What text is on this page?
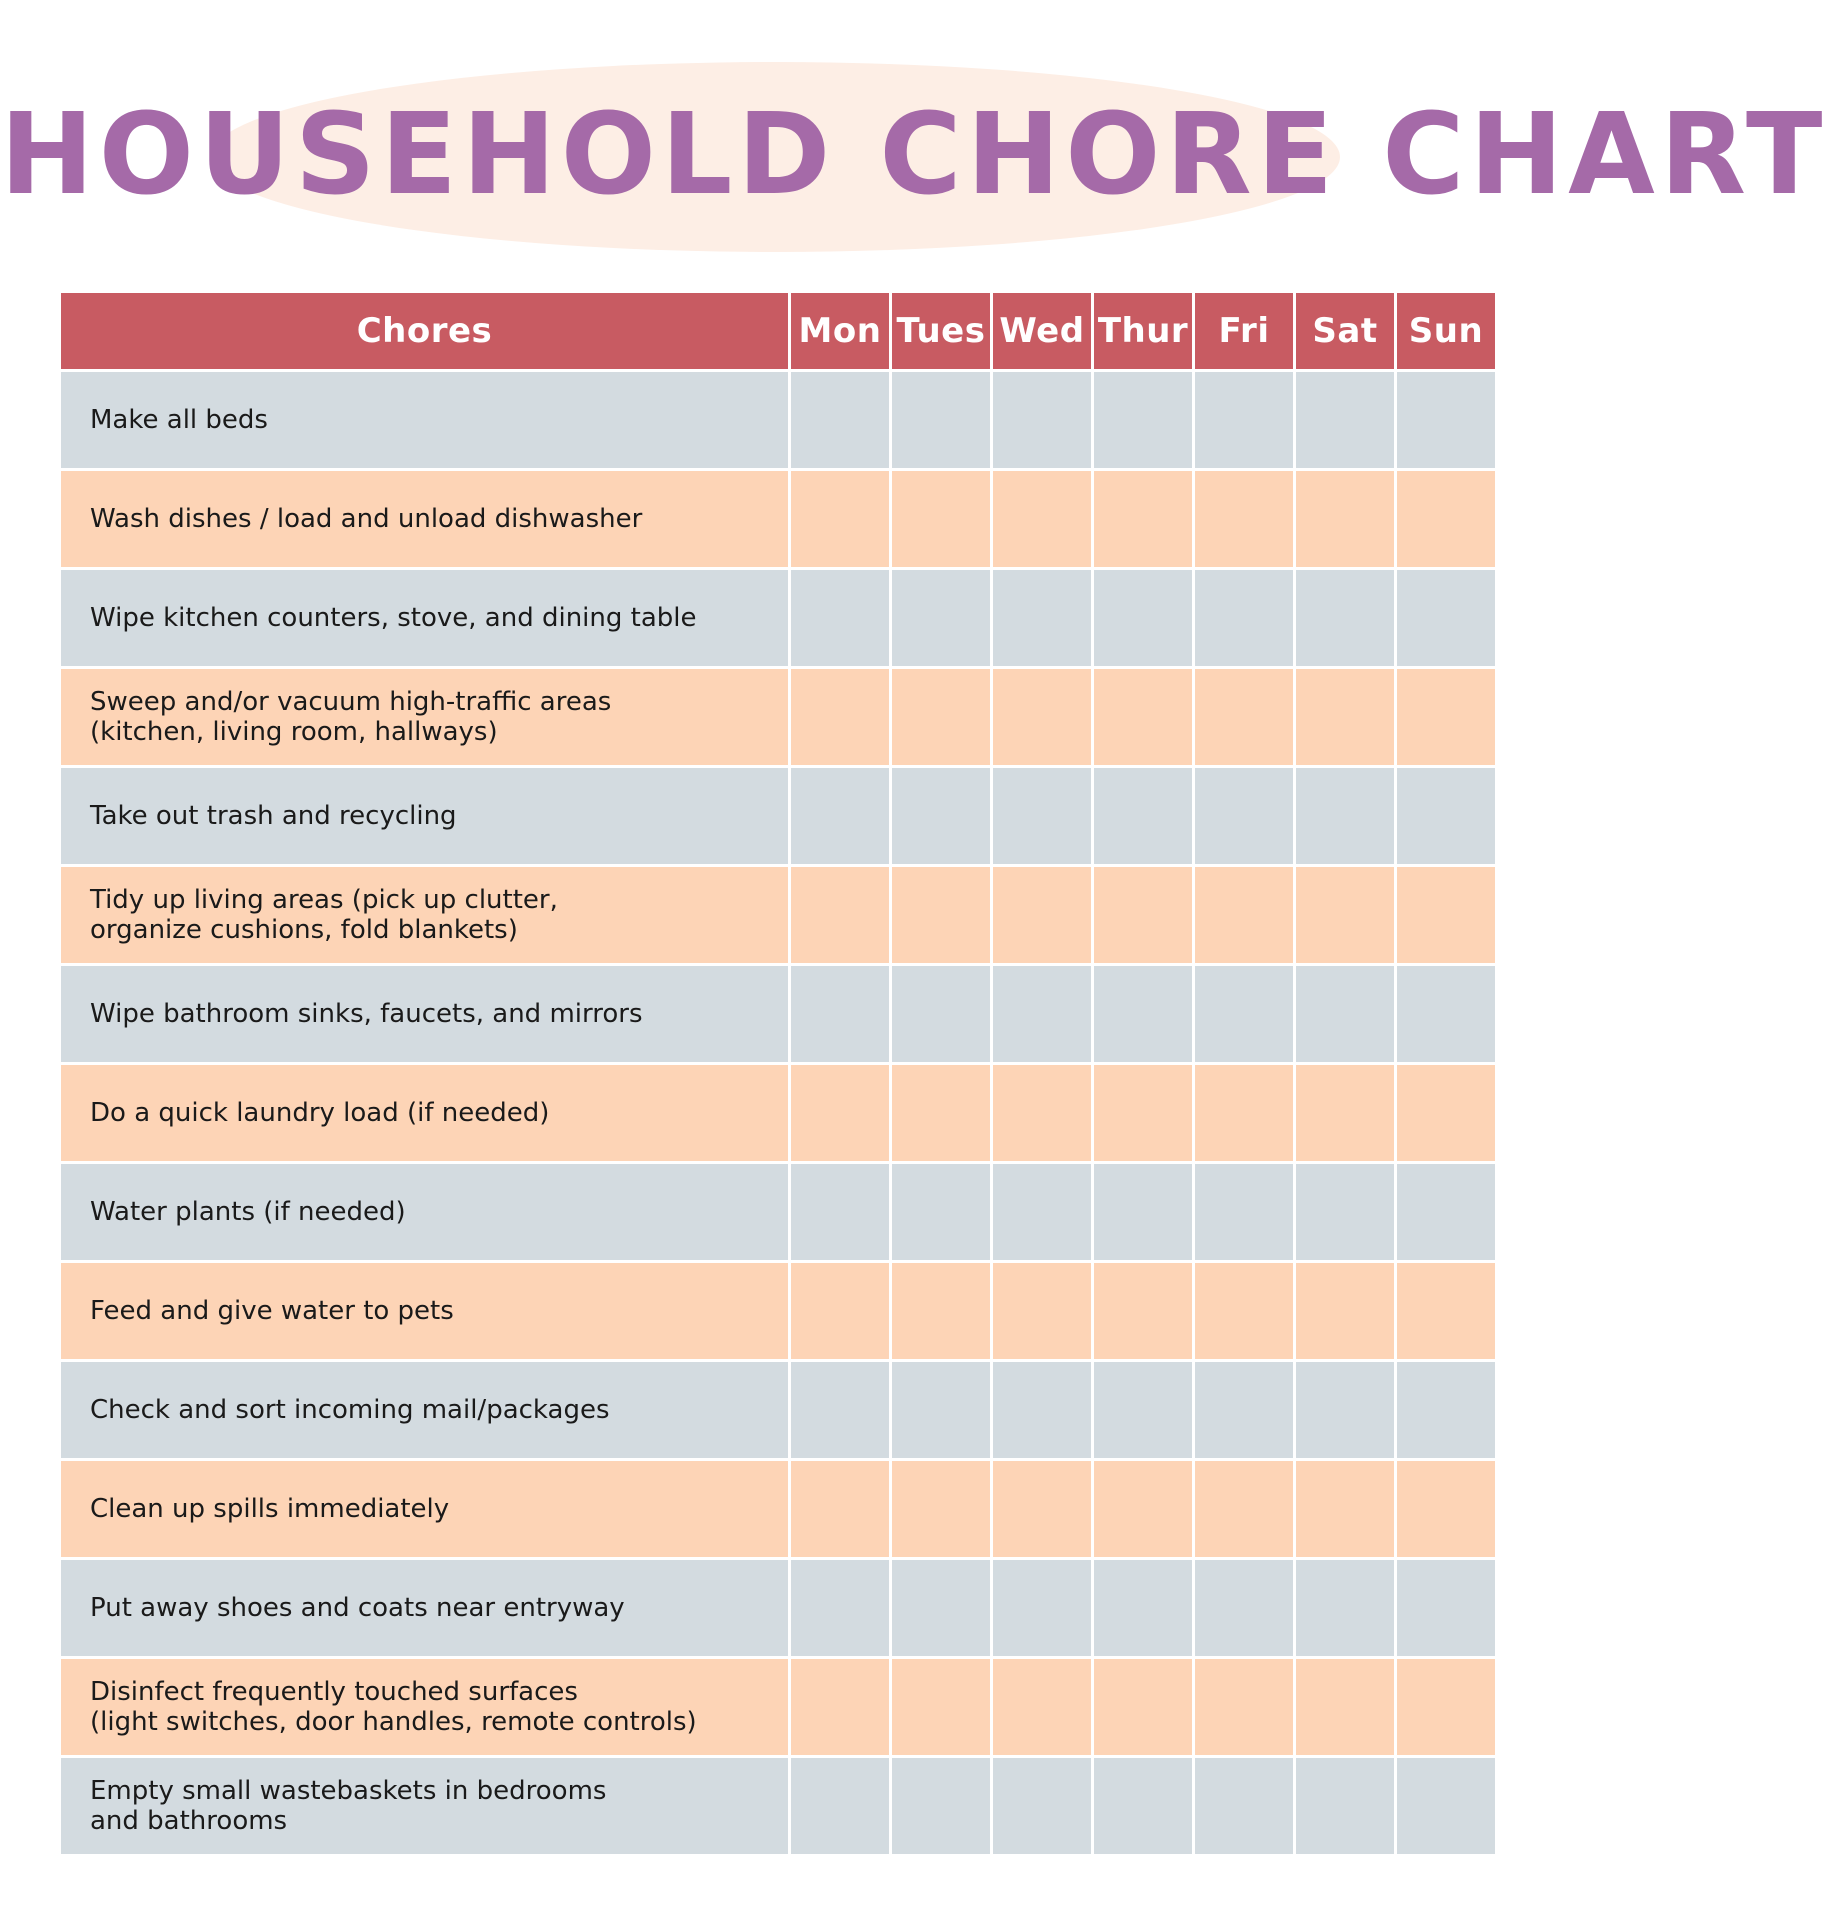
HOUSEHOLD CHORE CHART
Chores	Mon	Tues	Wed	Thur	Fri	Sat	Sun

Make all beds							

Wash dishes / load and unload dishwasher							

Wipe kitchen counters, stove, and dining table							

Sweep and/or vacuum high-traffic areas
(kitchen, living room, hallways)							

Take out trash and recycling							

Tidy up living areas (pick up clutter,
organize cushions, fold blankets)							

Wipe bathroom sinks, faucets, and mirrors							

Do a quick laundry load (if needed)							

Water plants (if needed)							

Feed and give water to pets							

Check and sort incoming mail/packages							

Clean up spills immediately							

Put away shoes and coats near entryway							

Disinfect frequently touched surfaces
(light switches, door handles, remote controls)							

Empty small wastebaskets in bedrooms
and bathrooms							
